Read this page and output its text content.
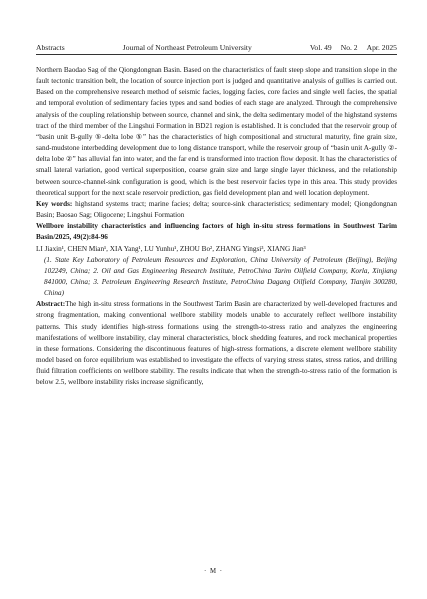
Abstracts	Journal of Northeast Petroleum University	Vol. 49 No. 2 Apr. 2025

Northern Baodao Sag of the Qiongdongnan Basin. Based on the characteristics of fault steep slope and transition slope in the fault tectonic transition belt, the location of source injection port is judged and quantitative analysis of gullies is carried out. Based on the comprehensive research method of seismic facies, logging facies, core facies and single well facies, the spatial and temporal evolution of sedimentary facies types and sand bodies of each stage are analyzed. Through the comprehensive analysis of the coupling relationship between source, channel and sink, the delta sedimentary model of the highstand systems tract of the third member of the Lingshui Formation in BD21 region is established. It is concluded that the reservoir group of “basin unit B-gully ⑤-delta lobe ⑤” has the characteristics of high compositional and structural maturity, fine grain size, sand-mudstone interbedding development due to long distance transport, while the reservoir group of “basin unit A-gully ②-delta lobe ②” has alluvial fan into water, and the far end is transformed into traction flow deposit. It has the characteristics of small lateral variation, good vertical superposition, coarse grain size and large single layer thickness, and the relationship between source-channel-sink configuration is good, which is the best reservoir facies type in this area. This study provides theoretical support for the next scale reservoir prediction, gas field development plan and well location deployment.

Key words: highstand systems tract; marine facies; delta; source-sink characteristics; sedimentary model; Qiongdongnan Basin; Baosao Sag; Oligocene; Lingshui Formation

Wellbore instability characteristics and influencing factors of high in-situ stress formations in Southwest Tarim Basin/2025, 49(2):84-96

LI Jiaxin¹, CHEN Mian¹, XIA Yang¹, LU Yunhu¹, ZHOU Bo², ZHANG Yingsi³, XIANG Jian³

(1. State Key Laboratory of Petroleum Resources and Exploration, China University of Petroleum (Beijing), Beijing 102249, China; 2. Oil and Gas Engineering Research Institute, PetroChina Tarim Oilfield Company, Korla, Xinjiang 841000, China; 3. Petroleum Engineering Research Institute, PetroChina Dagang Oilfield Company, Tianjin 300280, China)

Abstract:The high in-situ stress formations in the Southwest Tarim Basin are characterized by well-developed fractures and strong fragmentation, making conventional wellbore stability models unable to accurately reflect wellbore instability patterns. This study identifies high-stress formations using the strength-to-stress ratio and analyzes the engineering manifestations of wellbore instability, clay mineral characteristics, block shedding features, and rock mechanical properties in these formations. Considering the discontinuous features of high-stress formations, a discrete element wellbore stability model based on force equilibrium was established to investigate the effects of varying stress states, stress ratios, and drilling fluid filtration coefficients on wellbore stability. The results indicate that when the strength-to-stress ratio of the formation is below 2.5, wellbore instability risks increase significantly,

· M ·
